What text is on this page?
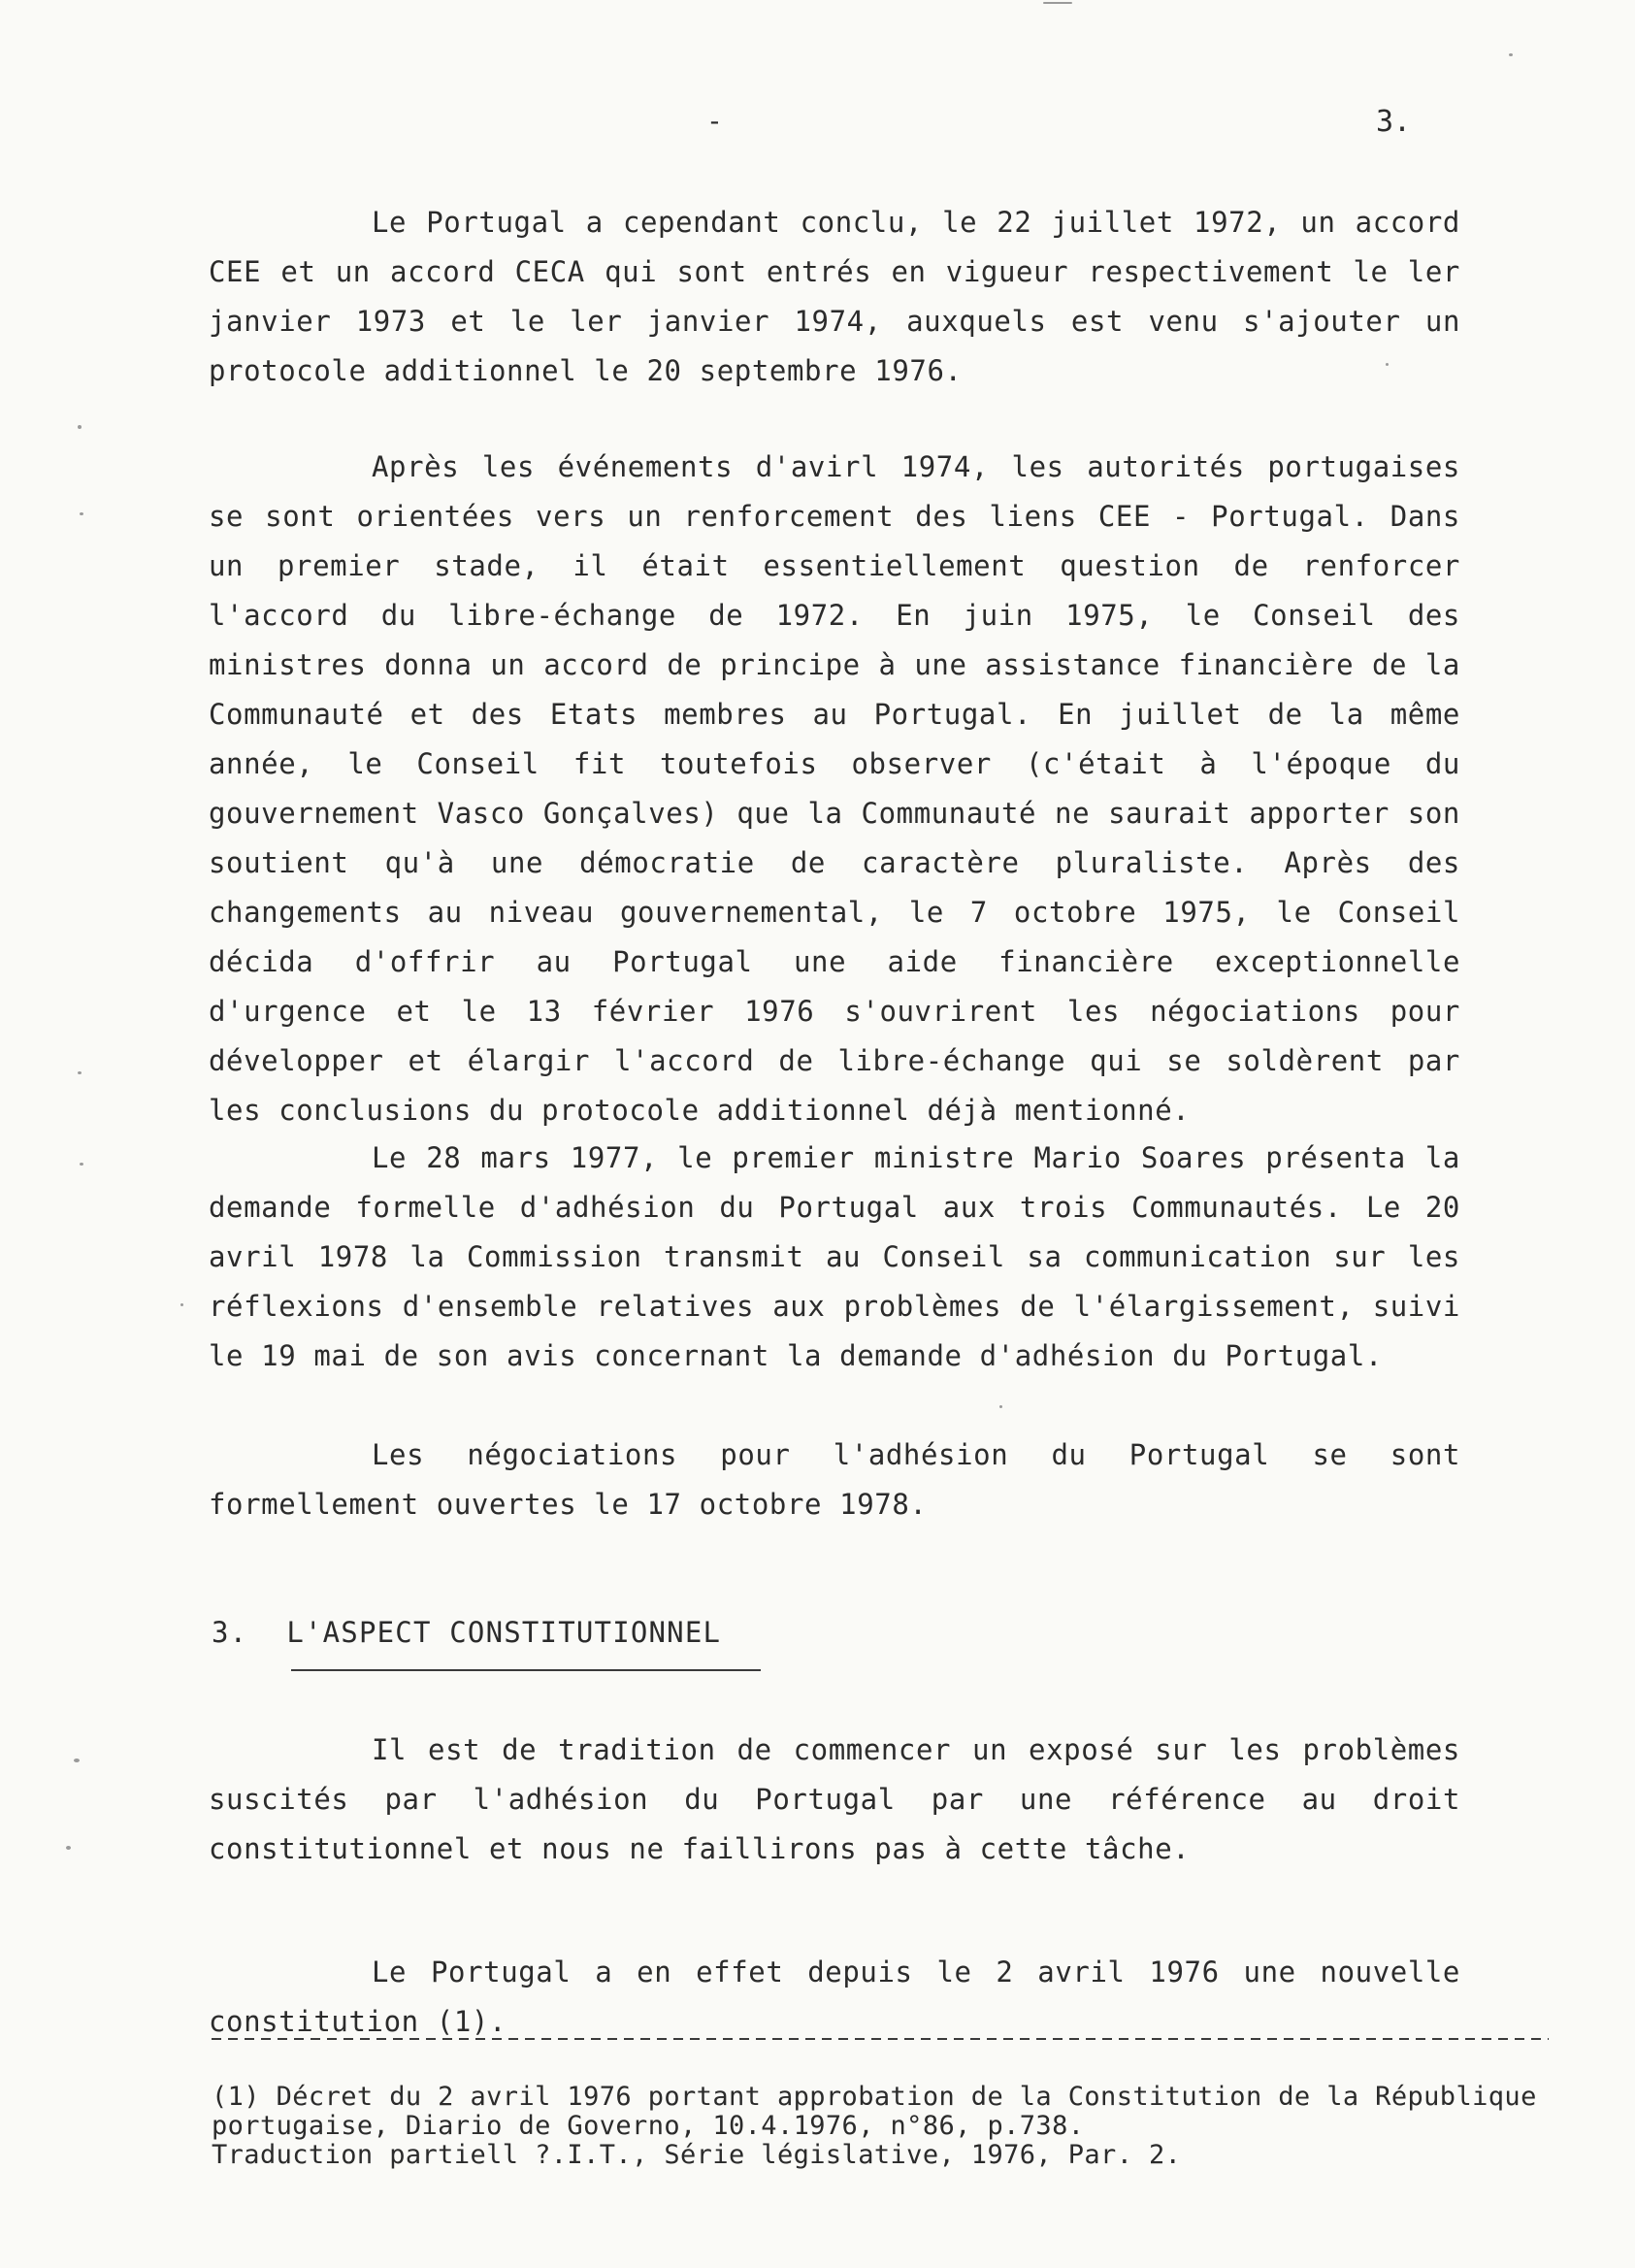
-	3.

Le Portugal a cependant conclu, le 22 juillet 1972, un accord CEE et un accord CECA qui sont entrés en vigueur respectivement le ler janvier 1973 et le ler janvier 1974, auxquels est venu s'ajouter un protocole additionnel le 20 septembre 1976.

Après les événements d'avirl 1974, les autorités portugaises se sont orientées vers un renforcement des liens CEE - Portugal. Dans un premier stade, il était essentiellement question de renforcer l'accord du libre-échange de 1972. En juin 1975, le Conseil des ministres donna un accord de principe à une assistance financière de la Communauté et des Etats membres au Portugal. En juillet de la même année, le Conseil fit toutefois observer (c'était à l'époque du gouvernement Vasco Gonçalves) que la Communauté ne saurait apporter son soutient qu'à une démocratie de caractère pluraliste. Après des changements au niveau gouvernemental, le 7 octobre 1975, le Conseil décida d'offrir au Portugal une aide financière exceptionnelle d'urgence et le 13 février 1976 s'ouvrirent les négociations pour développer et élargir l'accord de libre-échange qui se soldèrent par les conclusions du protocole additionnel déjà mentionné.

Le 28 mars 1977, le premier ministre Mario Soares présenta la demande formelle d'adhésion du Portugal aux trois Communautés. Le 20 avril 1978 la Commission transmit au Conseil sa communication sur les réflexions d'ensemble relatives aux problèmes de l'élargissement, suivi le 19 mai de son avis concernant la demande d'adhésion du Portugal.

Les négociations pour l'adhésion du Portugal se sont formellement ouvertes le 17 octobre 1978.

3. L'ASPECT CONSTITUTIONNEL

Il est de tradition de commencer un exposé sur les problèmes suscités par l'adhésion du Portugal par une référence au droit constitutionnel et nous ne faillirons pas à cette tâche.

Le Portugal a en effet depuis le 2 avril 1976 une nouvelle constitution (1).

(1) Décret du 2 avril 1976 portant approbation de la Constitution de la République
portugaise, Diario de Governo, 10.4.1976, n°86, p.738.
Traduction partiell ?.I.T., Série législative, 1976, Par. 2.
